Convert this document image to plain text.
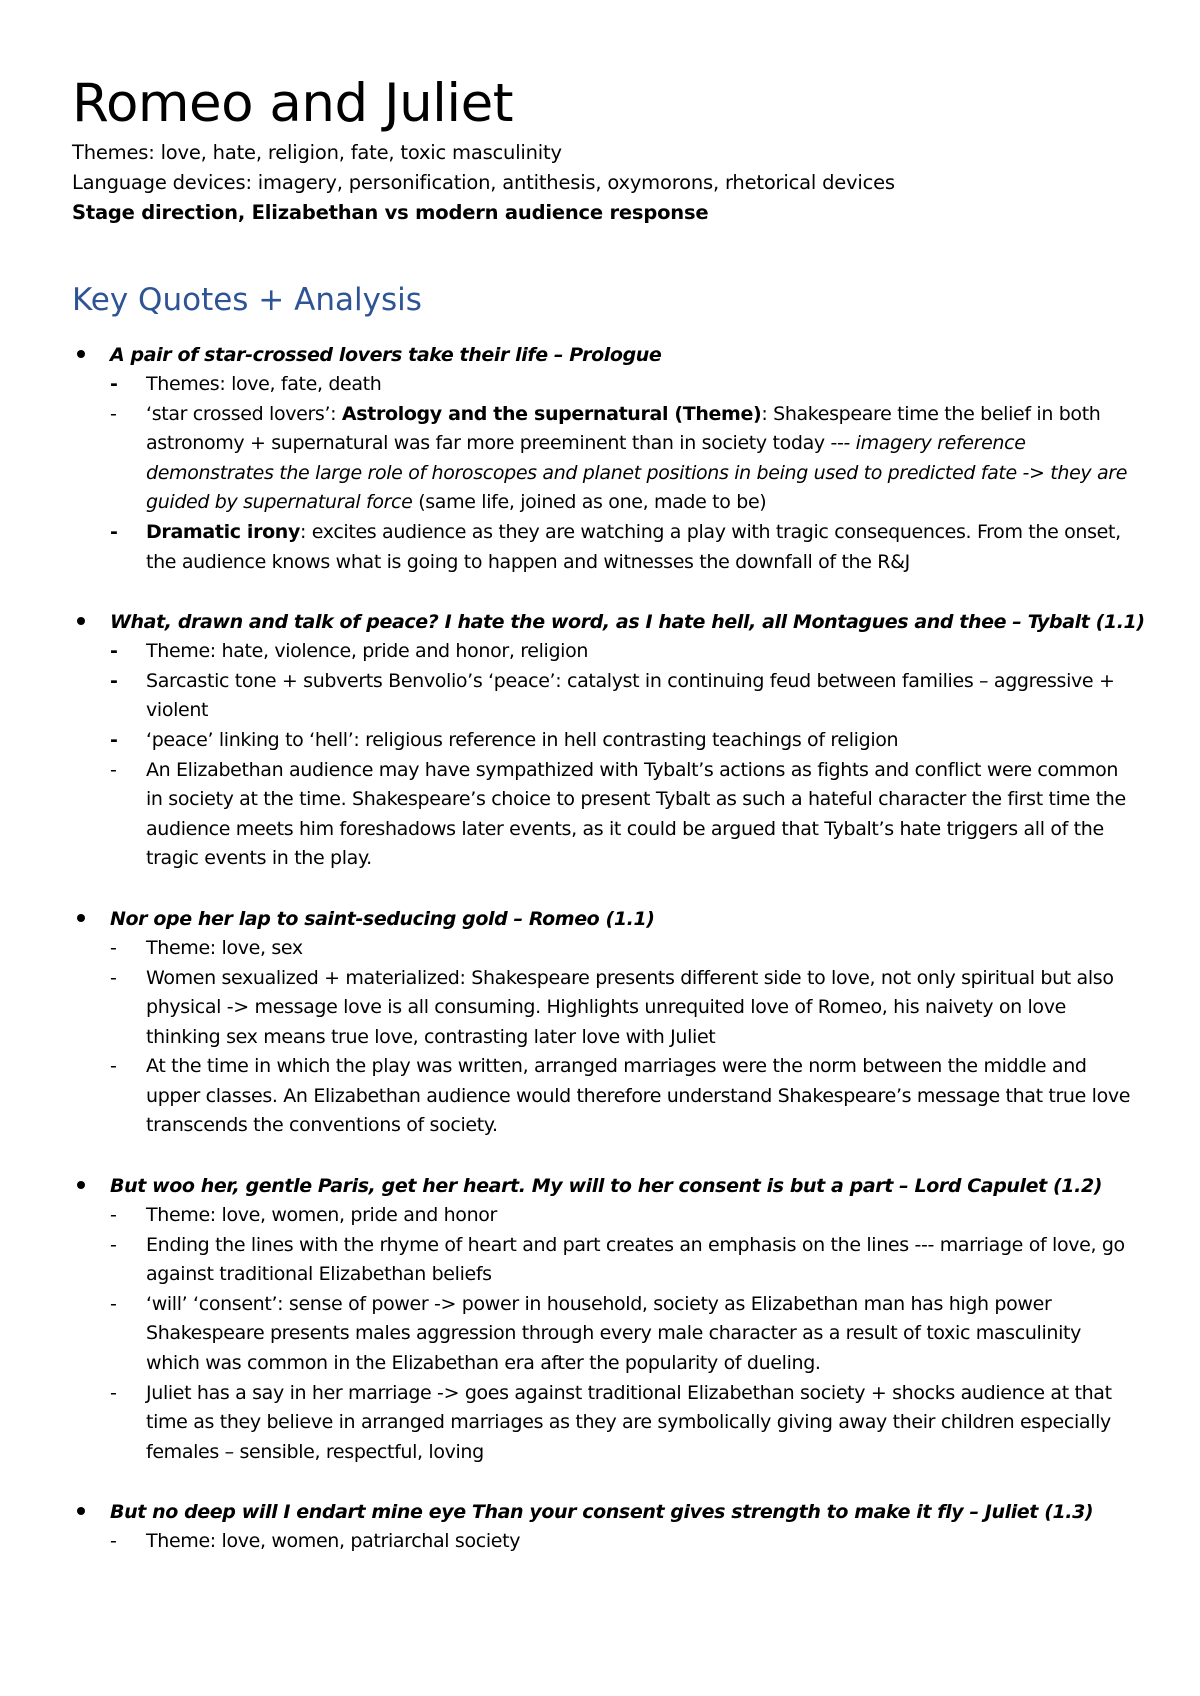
Romeo and Juliet
Themes: love, hate, religion, fate, toxic masculinity
Language devices: imagery, personification, antithesis, oxymorons, rhetorical devices
Stage direction, Elizabethan vs modern audience response
Key Quotes + Analysis
A pair of star-crossed lovers take their life – Prologue
- Themes: love, fate, death
- ‘star crossed lovers’: Astrology and the supernatural (Theme): Shakespeare time the belief in both astronomy + supernatural was far more preeminent than in society today --- imagery reference demonstrates the large role of horoscopes and planet positions in being used to predicted fate -> they are guided by supernatural force (same life, joined as one, made to be)
- Dramatic irony: excites audience as they are watching a play with tragic consequences. From the onset, the audience knows what is going to happen and witnesses the downfall of the R&J
What, drawn and talk of peace? I hate the word, as I hate hell, all Montagues and thee – Tybalt (1.1)
- Theme: hate, violence, pride and honor, religion
- Sarcastic tone + subverts Benvolio’s ‘peace’: catalyst in continuing feud between families – aggressive + violent
- ‘peace’ linking to ‘hell’: religious reference in hell contrasting teachings of religion
- An Elizabethan audience may have sympathized with Tybalt’s actions as fights and conflict were common in society at the time. Shakespeare’s choice to present Tybalt as such a hateful character the first time the audience meets him foreshadows later events, as it could be argued that Tybalt’s hate triggers all of the tragic events in the play.
Nor ope her lap to saint-seducing gold – Romeo (1.1)
- Theme: love, sex
- Women sexualized + materialized: Shakespeare presents different side to love, not only spiritual but also physical -> message love is all consuming. Highlights unrequited love of Romeo, his naivety on love thinking sex means true love, contrasting later love with Juliet
- At the time in which the play was written, arranged marriages were the norm between the middle and upper classes. An Elizabethan audience would therefore understand Shakespeare’s message that true love transcends the conventions of society.
But woo her, gentle Paris, get her heart. My will to her consent is but a part – Lord Capulet (1.2)
- Theme: love, women, pride and honor
- Ending the lines with the rhyme of heart and part creates an emphasis on the lines --- marriage of love, go against traditional Elizabethan beliefs
- ‘will’ ‘consent’: sense of power -> power in household, society as Elizabethan man has high power Shakespeare presents males aggression through every male character as a result of toxic masculinity which was common in the Elizabethan era after the popularity of dueling.
- Juliet has a say in her marriage -> goes against traditional Elizabethan society + shocks audience at that time as they believe in arranged marriages as they are symbolically giving away their children especially females – sensible, respectful, loving
But no deep will I endart mine eye Than your consent gives strength to make it fly – Juliet (1.3)
- Theme: love, women, patriarchal society
